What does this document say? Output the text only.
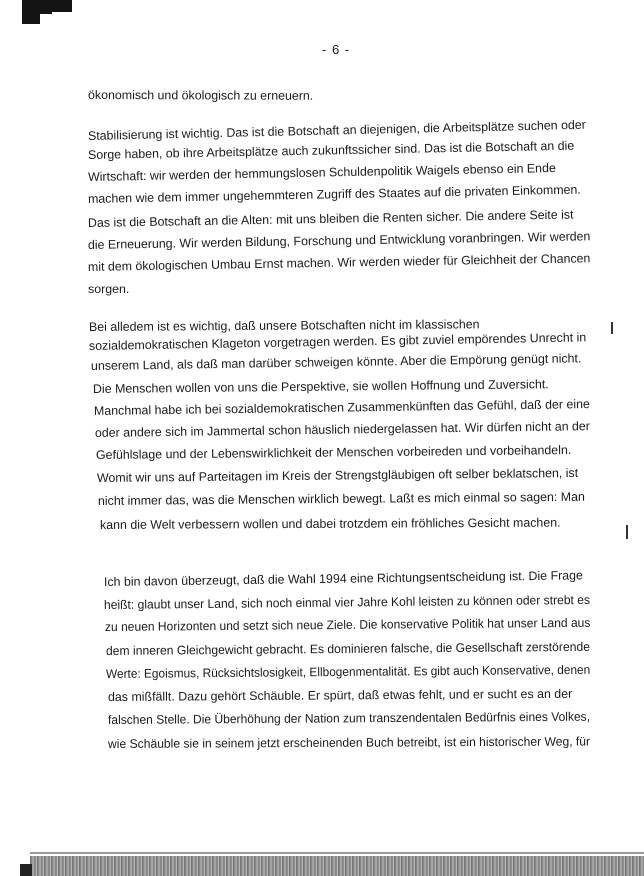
- 6 -
ökonomisch und ökologisch zu erneuern.
Stabilisierung ist wichtig. Das ist die Botschaft an diejenigen, die Arbeitsplätze suchen oder
Sorge haben, ob ihre Arbeitsplätze auch zukunftssicher sind. Das ist die Botschaft an die
Wirtschaft: wir werden der hemmungslosen Schuldenpolitik Waigels ebenso ein Ende
machen wie dem immer ungehemmteren Zugriff des Staates auf die privaten Einkommen.
Das ist die Botschaft an die Alten: mit uns bleiben die Renten sicher. Die andere Seite ist
die Erneuerung. Wir werden Bildung, Forschung und Entwicklung voranbringen. Wir werden
mit dem ökologischen Umbau Ernst machen. Wir werden wieder für Gleichheit der Chancen
sorgen.
Bei alledem ist es wichtig, daß unsere Botschaften nicht im klassischen
sozialdemokratischen Klageton vorgetragen werden. Es gibt zuviel empörendes Unrecht in
unserem Land, als daß man darüber schweigen könnte. Aber die Empörung genügt nicht.
Die Menschen wollen von uns die Perspektive, sie wollen Hoffnung und Zuversicht.
Manchmal habe ich bei sozialdemokratischen Zusammenkünften das Gefühl, daß der eine
oder andere sich im Jammertal schon häuslich niedergelassen hat. Wir dürfen nicht an der
Gefühlslage und der Lebenswirklichkeit der Menschen vorbeireden und vorbeihandeln.
Womit wir uns auf Parteitagen im Kreis der Strengstgläubigen oft selber beklatschen, ist
nicht immer das, was die Menschen wirklich bewegt. Laßt es mich einmal so sagen: Man
kann die Welt verbessern wollen und dabei trotzdem ein fröhliches Gesicht machen.
Ich bin davon überzeugt, daß die Wahl 1994 eine Richtungsentscheidung ist. Die Frage
heißt: glaubt unser Land, sich noch einmal vier Jahre Kohl leisten zu können oder strebt es
zu neuen Horizonten und setzt sich neue Ziele. Die konservative Politik hat unser Land aus
dem inneren Gleichgewicht gebracht. Es dominieren falsche, die Gesellschaft zerstörende
Werte: Egoismus, Rücksichtslosigkeit, Ellbogenmentalität. Es gibt auch Konservative, denen
das mißfällt. Dazu gehört Schäuble. Er spürt, daß etwas fehlt, und er sucht es an der
falschen Stelle. Die Überhöhung der Nation zum transzendentalen Bedürfnis eines Volkes,
wie Schäuble sie in seinem jetzt erscheinenden Buch betreibt, ist ein historischer Weg, für
